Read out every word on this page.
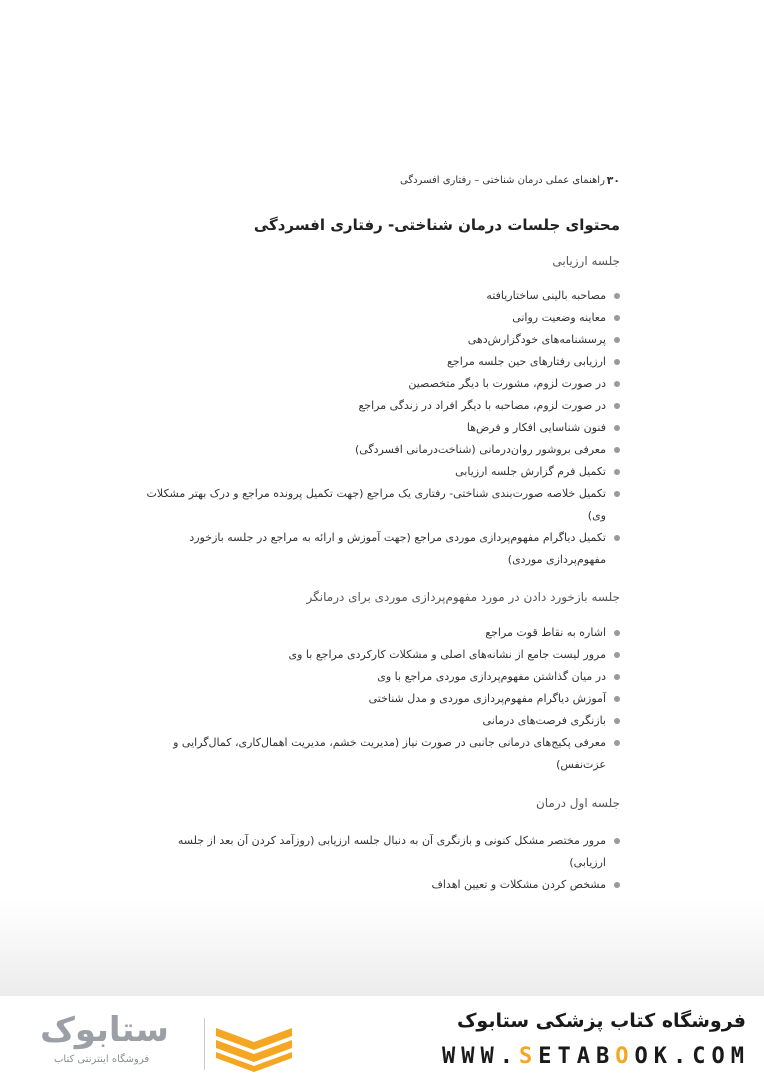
۳۰
راهنمای عملی درمان شناختی – رفتاری افسردگی
محتوای جلسات درمان شناختی- رفتاری افسردگی
جلسه ارزیابی
مصاحبه بالینی ساختاریافته
معاینه وضعیت روانی
پرسشنامه‌های خودگزارش‌دهی
ارزیابی رفتارهای حین جلسه مراجع
در صورت لزوم، مشورت با دیگر متخصصین
در صورت لزوم، مصاحبه با دیگر افراد در زندگی مراجع
فنون شناسایی افکار و فرض‌ها
معرفی بروشور روان‌درمانی (شناخت‌درمانی افسردگی)
تکمیل فرم گزارش جلسه ارزیابی
تکمیل خلاصه صورت‌بندی شناختی- رفتاری یک مراجع (جهت تکمیل پرونده مراجع و درک بهتر مشکلات وی)
تکمیل دیاگرام مفهوم‌پردازی موردی مراجع (جهت آموزش و ارائه به مراجع در جلسه بازخورد مفهوم‌پردازی موردی)
جلسه بازخورد دادن در مورد مفهوم‌پردازی موردی برای درمانگر
اشاره به نقاط قوت مراجع
مرور لیست جامع از نشانه‌های اصلی و مشکلات کارکردی مراجع با وی
در میان گذاشتن مفهوم‌پردازی موردی مراجع با وی
آموزش دیاگرام مفهوم‌پردازی موردی و مدل شناختی
بازنگری فرصت‌های درمانی
معرفی پکیج‌های درمانی جانبی در صورت نیاز (مدیریت خشم، مدیریت اهمال‌کاری، کمال‌گرایی و عزت‌نفس)
جلسه اول درمان
مرور مختصر مشکل کنونی و بازنگری آن به دنبال جلسه ارزیابی (روزآمد کردن آن بعد از جلسه ارزیابی)
مشخص کردن مشکلات و تعیین اهداف
ستابوک
فروشگاه اینترنتی کتاب
فروشگاه کتاب پزشکی ستابوک
WWW.SETABOOK.COM
